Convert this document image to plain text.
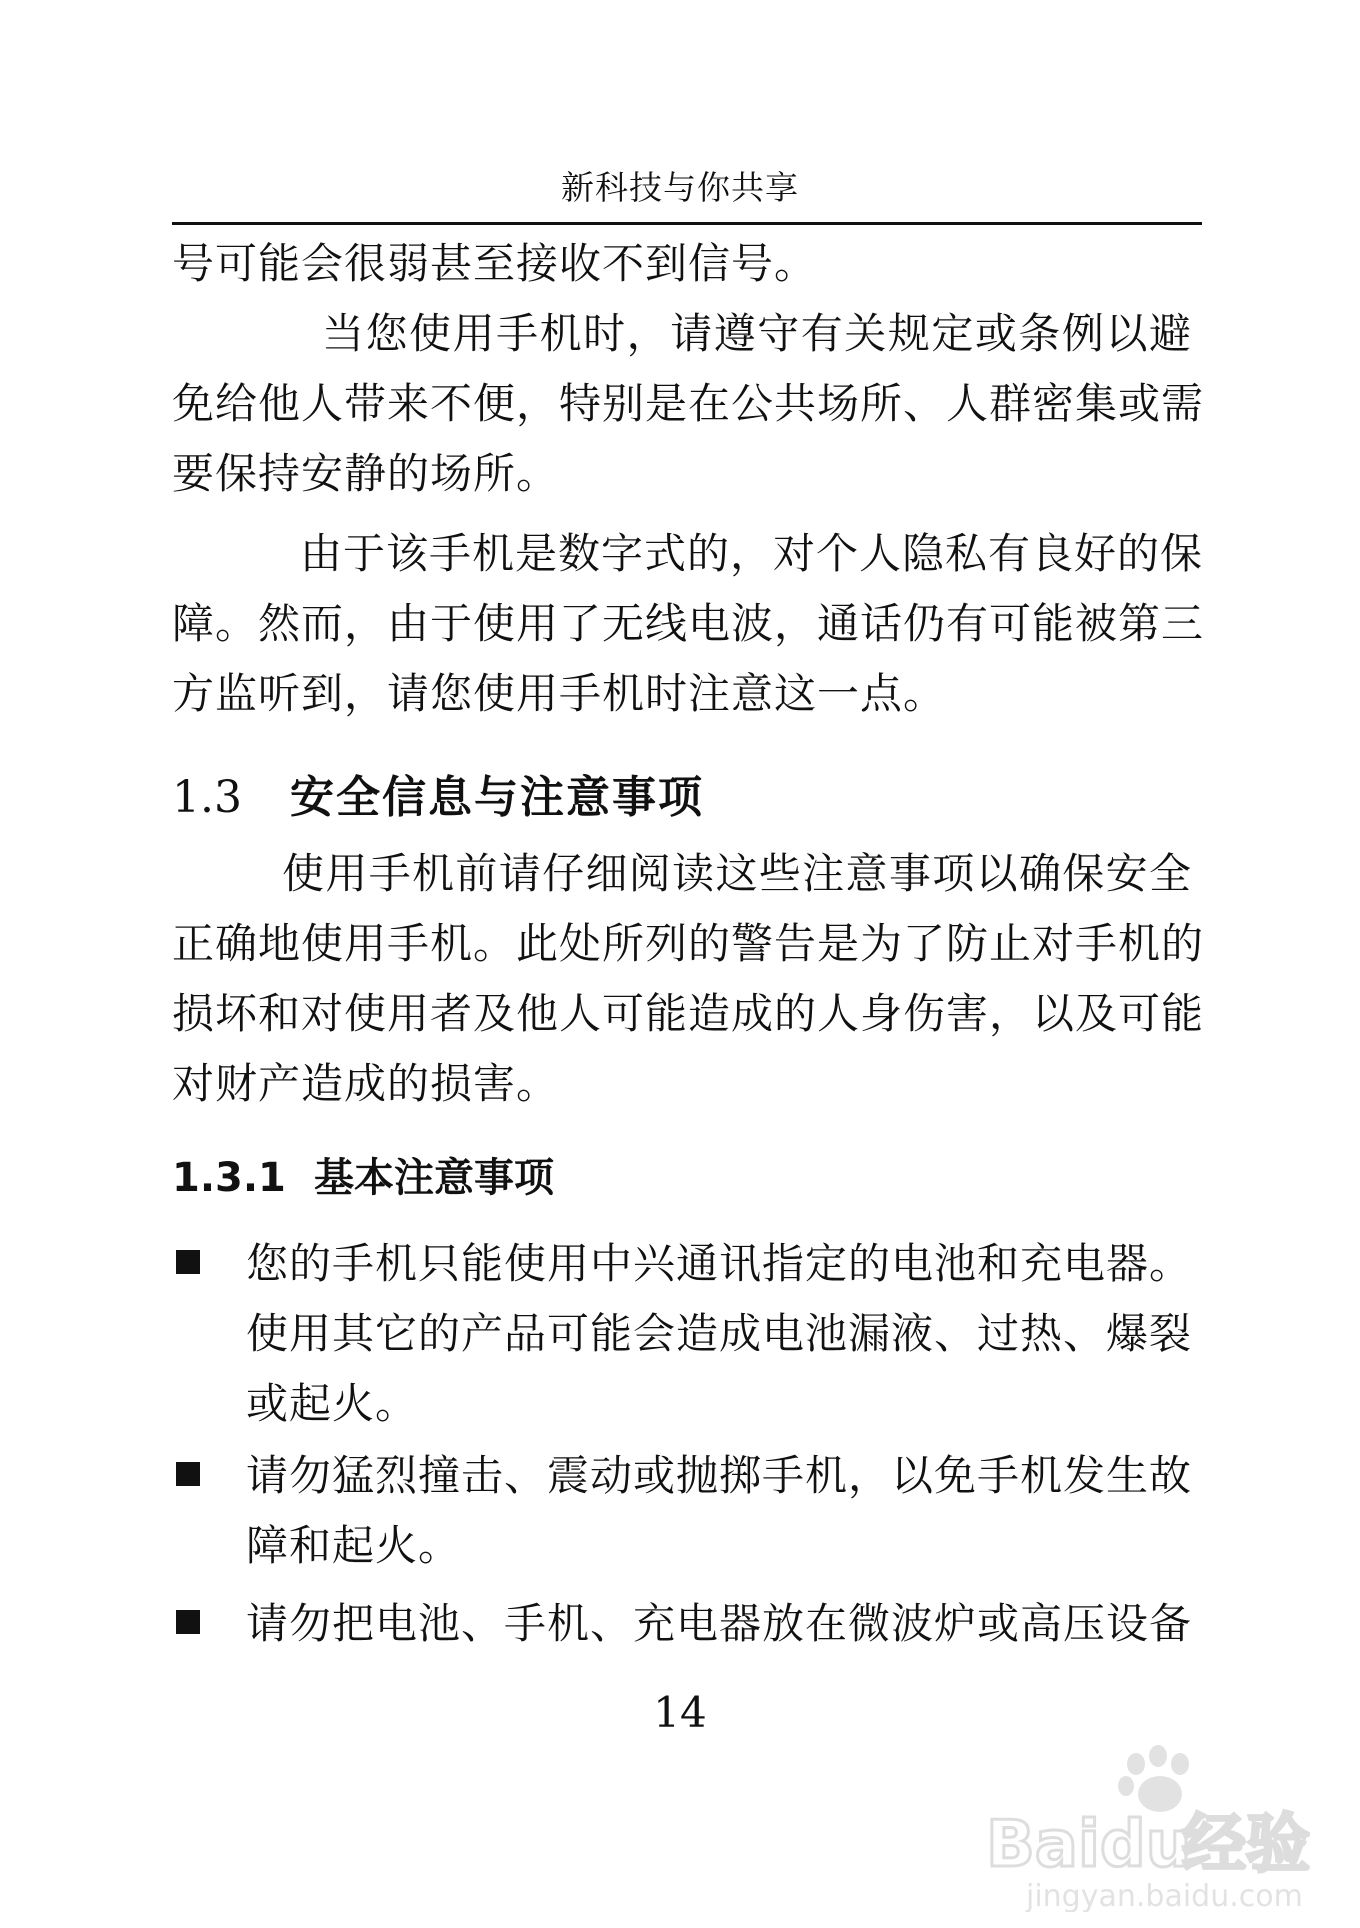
新科技与你共享
号可能会很弱甚至接收不到信号。
当您使用手机时，请遵守有关规定或条例以避
免给他人带来不便，特别是在公共场所、人群密集或需
要保持安静的场所。
由于该手机是数字式的，对个人隐私有良好的保
障。然而，由于使用了无线电波，通话仍有可能被第三
方监听到，请您使用手机时注意这一点。
1.3 安全信息与注意事项
使用手机前请仔细阅读这些注意事项以确保安全
正确地使用手机。此处所列的警告是为了防止对手机的
损坏和对使用者及他人可能造成的人身伤害，以及可能
对财产造成的损害。
1.3.1 基本注意事项
您的手机只能使用中兴通讯指定的电池和充电器。
使用其它的产品可能会造成电池漏液、过热、爆裂
或起火。
请勿猛烈撞击、震动或抛掷手机，以免手机发生故
障和起火。
请勿把电池、手机、充电器放在微波炉或高压设备
14
Baidu
经验
jingyan.baidu.com
